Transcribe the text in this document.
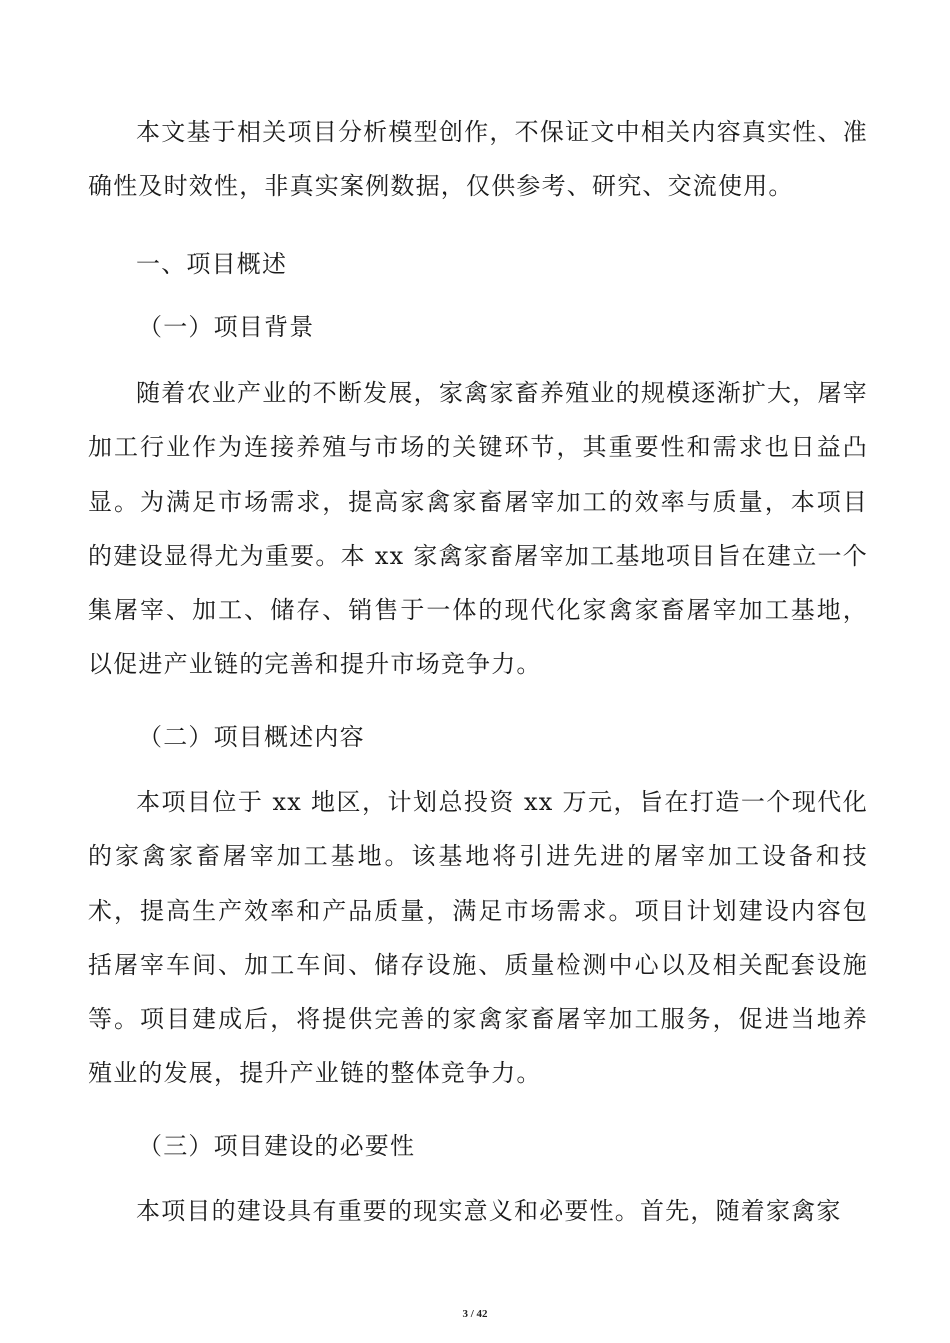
本文基于相关项目分析模型创作，不保证文中相关内容真实性、准确性及时效性，非真实案例数据，仅供参考、研究、交流使用。

一、项目概述
（一）项目背景

随着农业产业的不断发展，家禽家畜养殖业的规模逐渐扩大，屠宰加工行业作为连接养殖与市场的关键环节，其重要性和需求也日益凸显。为满足市场需求，提高家禽家畜屠宰加工的效率与质量，本项目的建设显得尤为重要。本 xx 家禽家畜屠宰加工基地项目旨在建立一个集屠宰、加工、储存、销售于一体的现代化家禽家畜屠宰加工基地，以促进产业链的完善和提升市场竞争力。

（二）项目概述内容

本项目位于 xx 地区，计划总投资 xx 万元，旨在打造一个现代化的家禽家畜屠宰加工基地。该基地将引进先进的屠宰加工设备和技术，提高生产效率和产品质量，满足市场需求。项目计划建设内容包括屠宰车间、加工车间、储存设施、质量检测中心以及相关配套设施等。项目建成后，将提供完善的家禽家畜屠宰加工服务，促进当地养殖业的发展，提升产业链的整体竞争力。

（三）项目建设的必要性

本项目的建设具有重要的现实意义和必要性。首先，随着家禽家

3 / 42
